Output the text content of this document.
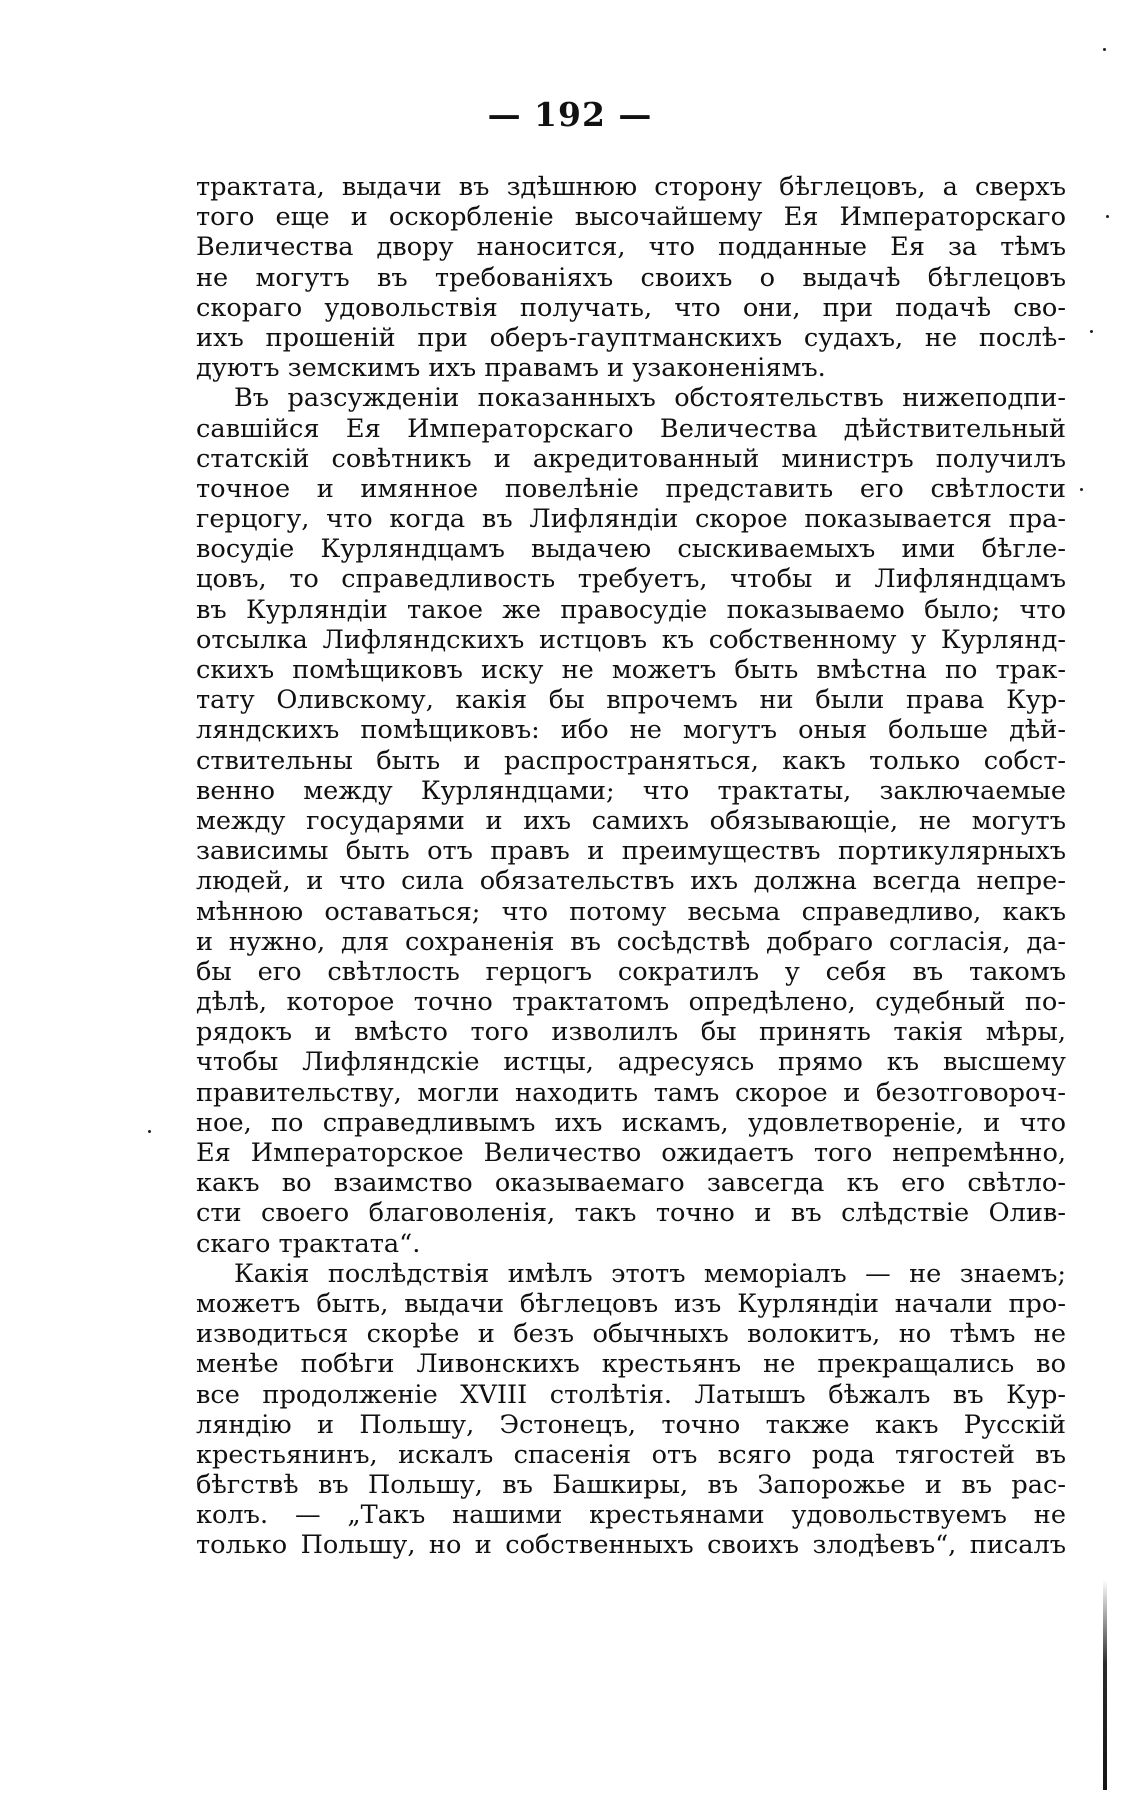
— 192 —
трактата, выдачи въ здѣшнюю сторону бѣглецовъ, а сверхъ
того еще и оскорбленіе высочайшему Ея Императорскаго
Величества двору наносится, что подданные Ея за тѣмъ
не могутъ въ требованіяхъ своихъ о выдачѣ бѣглецовъ
скораго удовольствія получать, что они, при подачѣ сво-
ихъ прошеній при оберъ-гауптманскихъ судахъ, не послѣ-
дуютъ земскимъ ихъ правамъ и узаконеніямъ.
Въ разсужденіи показанныхъ обстоятельствъ нижеподпи-
савшійся Ея Императорскаго Величества дѣйствительный
статскій совѣтникъ и акредитованный министръ получилъ
точное и имянное повелѣніе представить его свѣтлости
герцогу, что когда въ Лифляндіи скорое показывается пра-
восудіе Курляндцамъ выдачею сыскиваемыхъ ими бѣгле-
цовъ, то справедливость требуетъ, чтобы и Лифляндцамъ
въ Курляндіи такое же правосудіе показываемо было; что
отсылка Лифляндскихъ истцовъ къ собственному у Курлянд-
скихъ помѣщиковъ иску не можетъ быть вмѣстна по трак-
тату Оливскому, какія бы впрочемъ ни были права Кур-
ляндскихъ помѣщиковъ: ибо не могутъ оныя больше дѣй-
ствительны быть и распространяться, какъ только собст-
венно между Курляндцами; что трактаты, заключаемые
между государями и ихъ самихъ обязывающіе, не могутъ
зависимы быть отъ правъ и преимуществъ портикулярныхъ
людей, и что сила обязательствъ ихъ должна всегда непре-
мѣнною оставаться; что потому весьма справедливо, какъ
и нужно, для сохраненія въ сосѣдствѣ добраго согласія, да-
бы его свѣтлость герцогъ сократилъ у себя въ такомъ
дѣлѣ, которое точно трактатомъ опредѣлено, судебный по-
рядокъ и вмѣсто того изволилъ бы принять такія мѣры,
чтобы Лифляндскіе истцы, адресуясь прямо къ высшему
правительству, могли находить тамъ скорое и безотговороч-
ное, по справедливымъ ихъ искамъ, удовлетвореніе, и что
Ея Императорское Величество ожидаетъ того непремѣнно,
какъ во взаимство оказываемаго завсегда къ его свѣтло-
сти своего благоволенія, такъ точно и въ слѣдствіе Олив-
скаго трактата“.
Какія послѣдствія имѣлъ этотъ меморіалъ — не знаемъ;
можетъ быть, выдачи бѣглецовъ изъ Курляндіи начали про-
изводиться скорѣе и безъ обычныхъ волокитъ, но тѣмъ не
менѣе побѣги Ливонскихъ крестьянъ не прекращались во
все продолженіе XVIII столѣтія. Латышъ бѣжалъ въ Кур-
ляндію и Польшу, Эстонецъ, точно также какъ Русскій
крестьянинъ, искалъ спасенія отъ всяго рода тягостей въ
бѣгствѣ въ Польшу, въ Башкиры, въ Запорожье и въ рас-
колъ. — „Такъ нашими крестьянами удовольствуемъ не
только Польшу, но и собственныхъ своихъ злодѣевъ“, писалъ
